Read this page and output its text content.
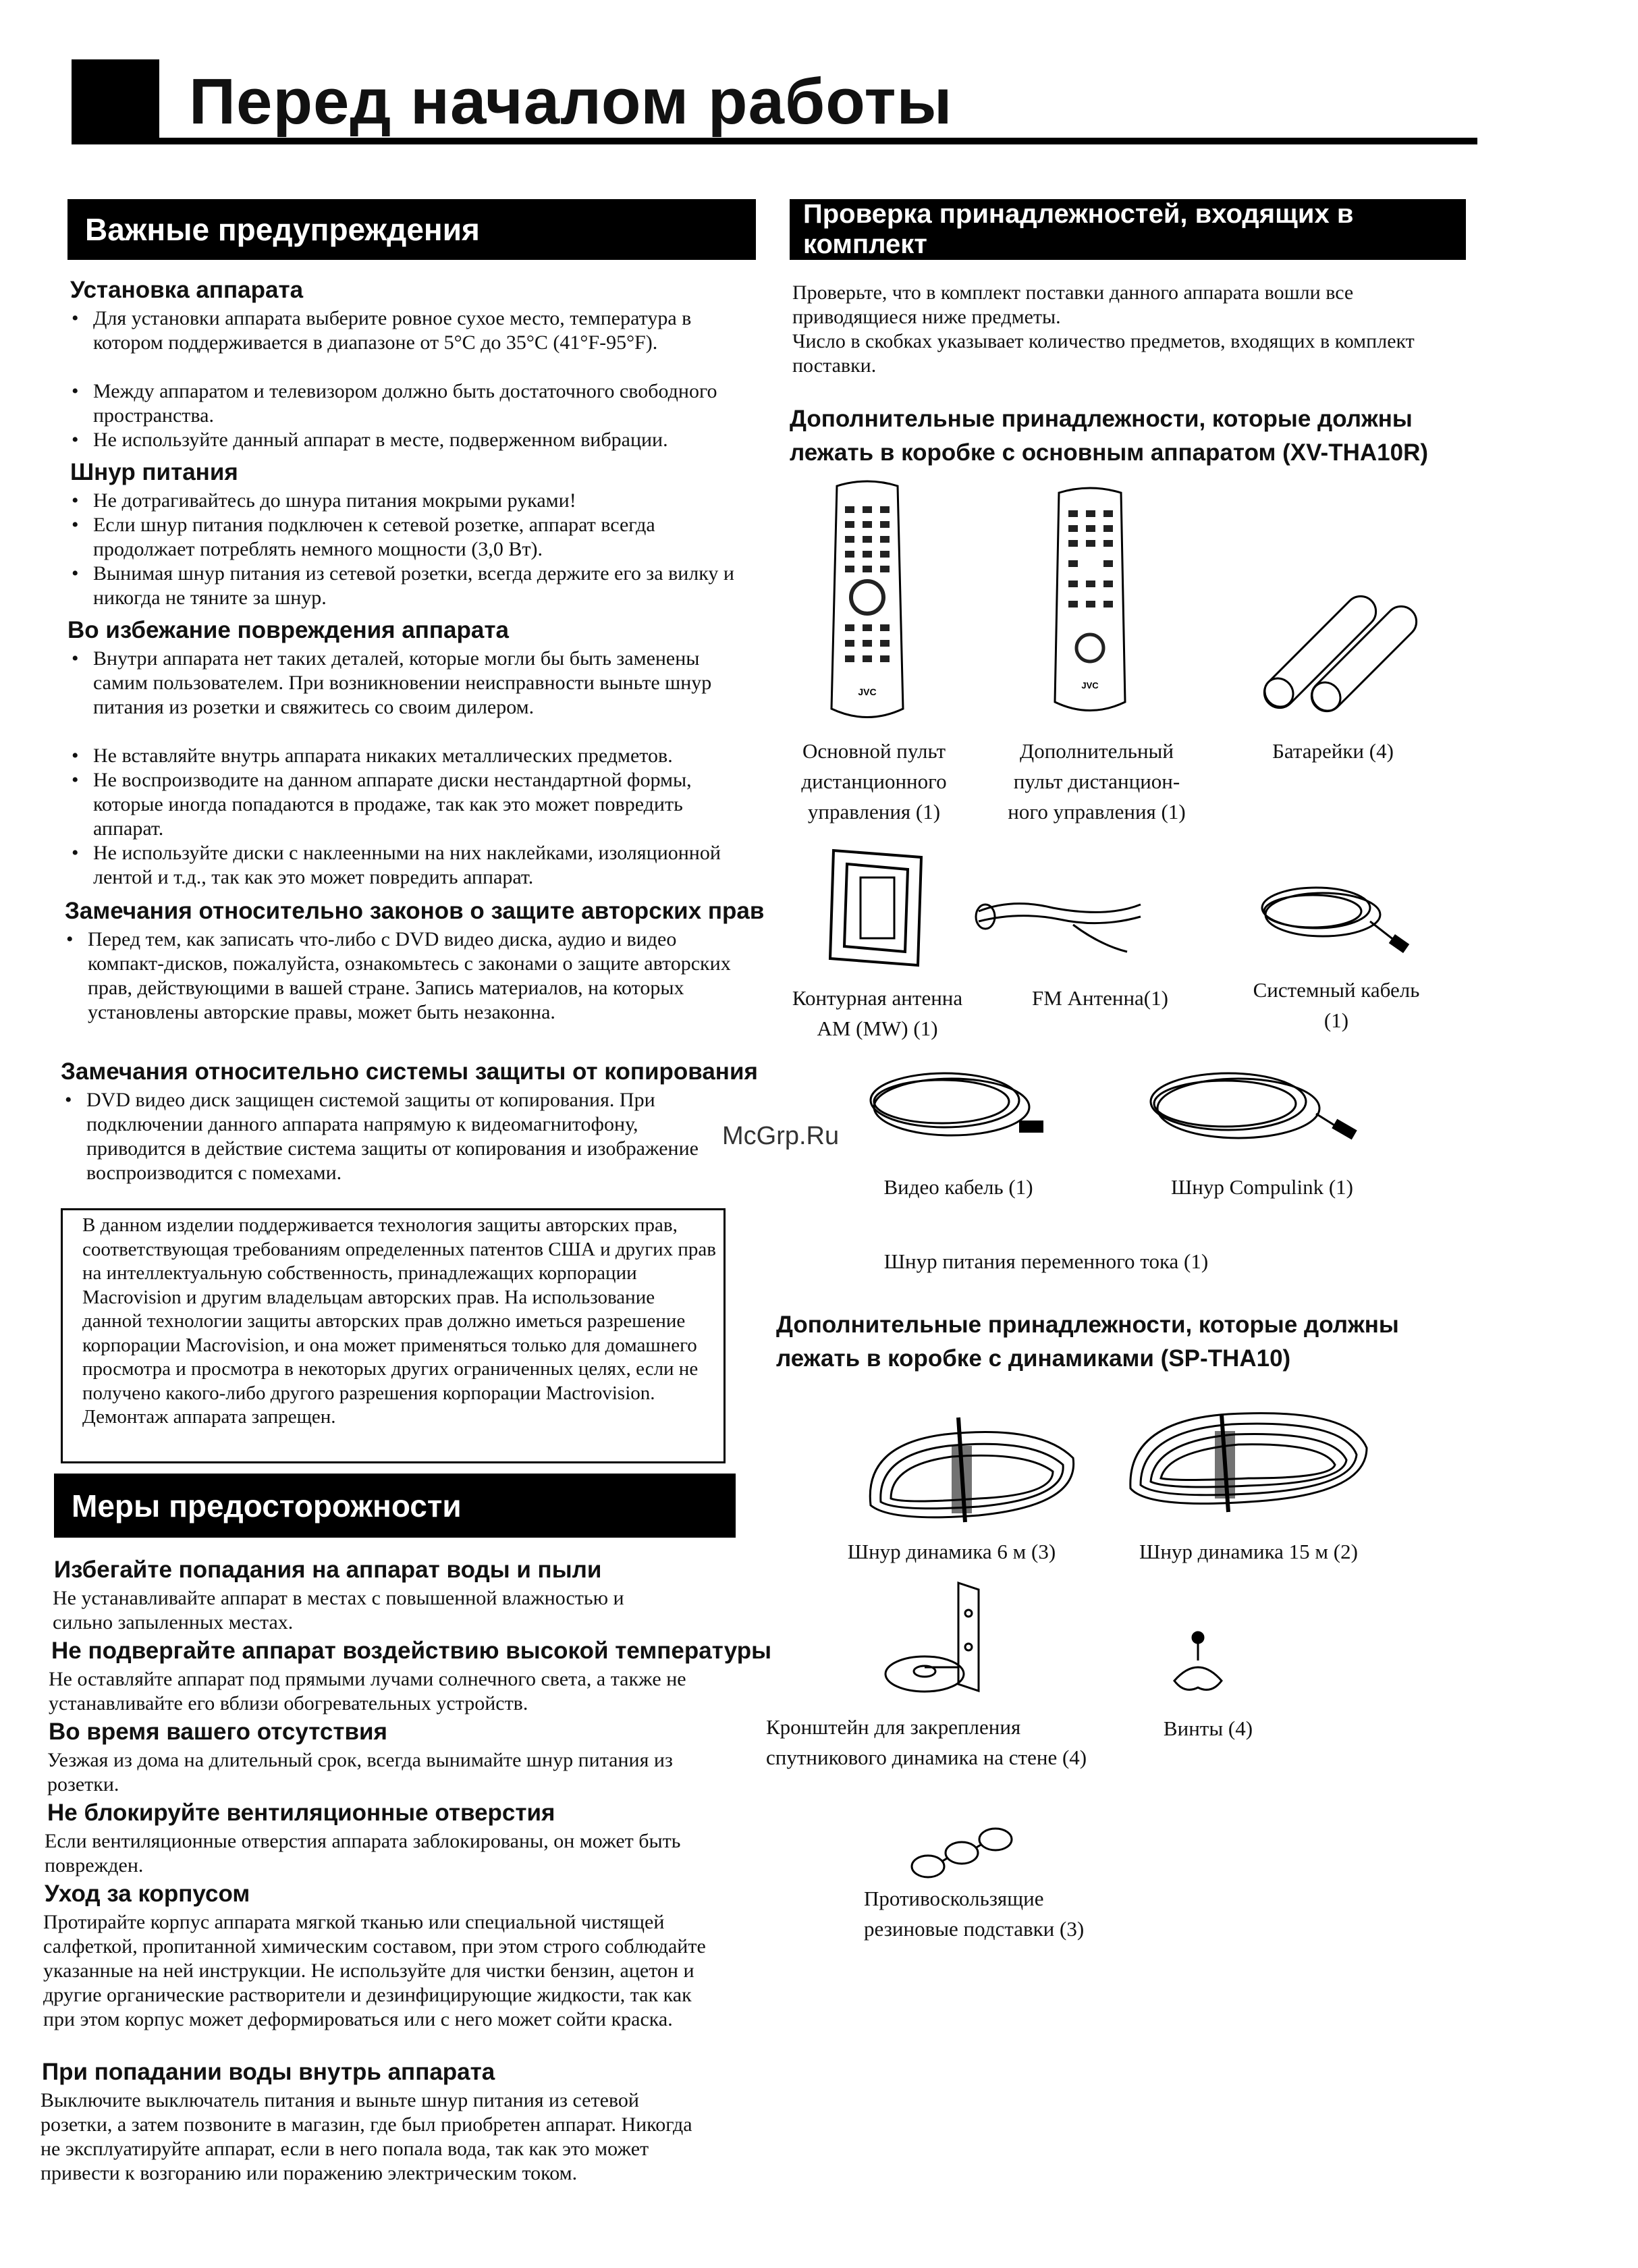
Перед началом работы
Важные предупреждения
Установка аппарата
• Для установки аппарата выберите ровное сухое место, температура в котором поддерживается в диапазоне от 5°C до 35°C (41°F-95°F).
• Между аппаратом и телевизором должно быть достаточного свободного пространства.
• Не используйте данный аппарат в месте, подверженном вибрации.
Шнур питания
• Не дотрагивайтесь до шнура питания мокрыми руками!
• Если шнур питания подключен к сетевой розетке, аппарат всегда продолжает потреблять немного мощности (3,0 Вт).
• Вынимая шнур питания из сетевой розетки, всегда держите его за вилку и никогда не тяните за шнур.
Во избежание повреждения аппарата
• Внутри аппарата нет таких деталей, которые могли бы быть заменены самим пользователем. При возникновении неисправности выньте шнур питания из розетки и свяжитесь со своим дилером.
• Не вставляйте внутрь аппарата никаких металлических предметов.
• Не воспроизводите на данном аппарате диски нестандартной формы, которые иногда попадаются в продаже, так как это может повредить аппарат.
• Не используйте диски с наклеенными на них наклейками, изоляционной лентой и т.д., так как это может повредить аппарат.
Замечания относительно законов о защите авторских прав
• Перед тем, как записать что-либо с DVD видео диска, аудио и видео компакт-дисков, пожалуйста, ознакомьтесь с законами о защите авторских прав, действующими в вашей стране. Запись материалов, на которых установлены авторские правы, может быть незаконна.
Замечания относительно системы защиты от копирования
• DVD видео диск защищен системой защиты от копирования. При подключении данного аппарата напрямую к видеомагнитофону, приводится в действие система защиты от копирования и изображение воспроизводится с помехами.
В данном изделии поддерживается технология защиты авторских прав, соответствующая требованиям определенных патентов США и других прав на интеллектуальную собственность, принадлежащих корпорации Macrovision и другим владельцам авторских прав. На использование данной технологии защиты авторских прав должно иметься разрешение корпорации Macrovision, и она может применяться только для домашнего просмотра и просмотра в некоторых других ограниченных целях, если не получено какого-либо другого разрешения корпорации Mactrovision. Демонтаж аппарата запрещен.
Меры предосторожности
Избегайте попадания на аппарат воды и пыли
Не устанавливайте аппарат в местах с повышенной влажностью и сильно запыленных местах.
Не подвергайте аппарат воздействию высокой температуры
Не оставляйте аппарат под прямыми лучами солнечного света, а также не устанавливайте его вблизи обогревательных устройств.
Во время вашего отсутствия
Уезжая из дома на длительный срок, всегда вынимайте шнур питания из розетки.
Не блокируйте вентиляционные отверстия
Если вентиляционные отверстия аппарата заблокированы, он может быть поврежден.
Уход за корпусом
Протирайте корпус аппарата мягкой тканью или специальной чистящей салфеткой, пропитанной химическим составом, при этом строго соблюдайте указанные на ней инструкции. Не используйте для чистки бензин, ацетон и другие органические растворители и дезинфицирующие жидкости, так как при этом корпус может деформироваться или с него может сойти краска.
При попадании воды внутрь аппарата
Выключите выключатель питания и выньте шнур питания из сетевой розетки, а затем позвоните в магазин, где был приобретен аппарат. Никогда не эксплуатируйте аппарат, если в него попала вода, так как это может привести к возгоранию или поражению электрическим током.
Проверка принадлежностей, входящих в комплект
Проверьте, что в комплект поставки данного аппарата вошли все приводящиеся ниже предметы.
Число в скобках указывает количество предметов, входящих в комплект поставки.
Дополнительные принадлежности, которые должны лежать в коробке с основным аппаратом (XV-THA10R)
JVC
Основной пульт дистанционного управления (1)
JVC
Дополнительный пульт дистанцион-ного управления (1)
Батарейки (4)
Контурная антенна AM (MW) (1)
FM Антенна(1)	Системный кабель (1)
Видео кабель (1)	Шнур Compulink (1)
Шнур питания переменного тока (1)
Дополнительные принадлежности, которые должны лежать в коробке с динамиками (SP-THA10)
Шнур динамика 6 м (3)	Шнур динамика 15 м (2)
Кронштейн для закрепления спутникового динамика на стене (4)
Винты (4)
Противоскользящие резиновые подставки (3)
McGrp.Ru
